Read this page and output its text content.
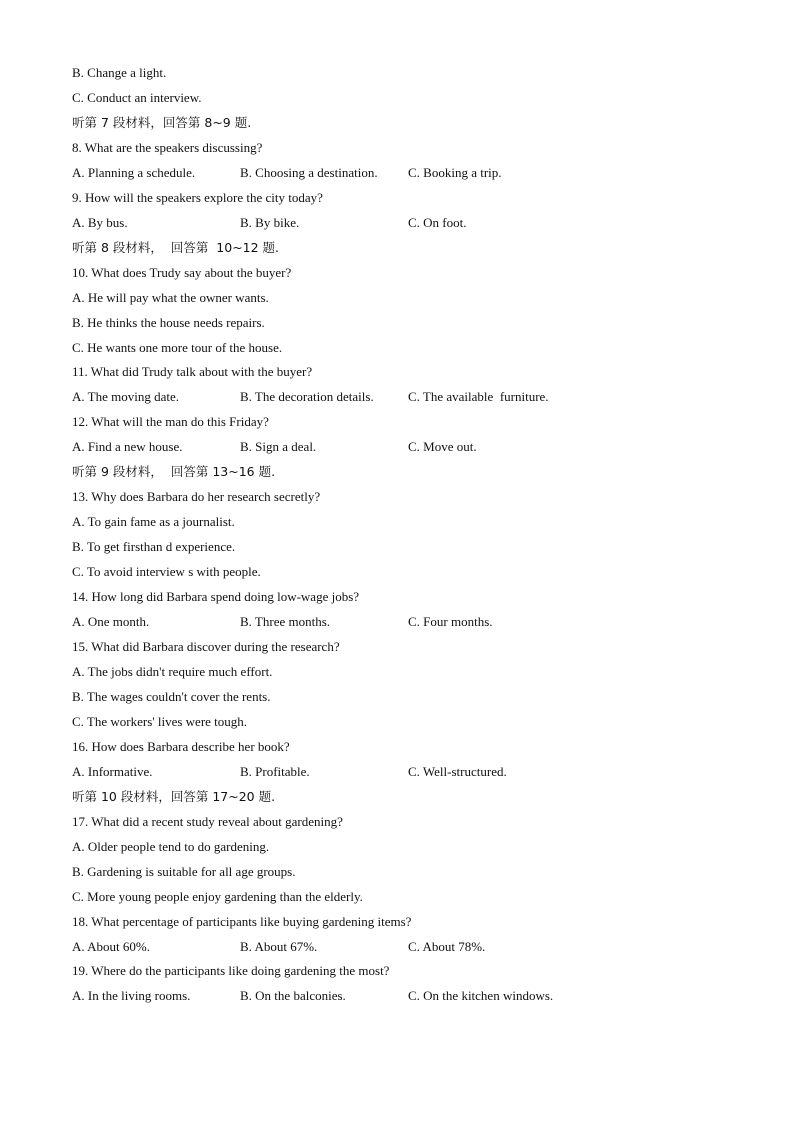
B. Change a light.
C. Conduct an interview.
听第 7 段材料，回答第 8~9 题.
8. What are the speakers discussing?
A. Planning a schedule.	B. Choosing a destination. C. Booking a trip.
9. How will the speakers explore the city today?
A. By bus.	B. By bike.	C. On foot.
听第 8 段材料，  回答第  10~12 题.
10. What does Trudy say about the buyer?
A. He will pay what the owner wants.
B. He thinks the house needs repairs.
C. He wants one more tour of the house.
11. What did Trudy talk about with the buyer?
A. The moving date.	B. The decoration details.	C. The available  furniture.
12. What will the man do this Friday?
A. Find a new house.	B. Sign a deal.	C. Move out.
听第 9 段材料，  回答第 13~16 题.
13. Why does Barbara do her research secretly?
A. To gain fame as a journalist.
B. To get firsthan d experience.
C. To avoid interview s with people.
14. How long did Barbara spend doing low-wage jobs?
A. One month.	B. Three months.	C. Four months.
15. What did Barbara discover during the research?
A. The jobs didn't require much effort.
B. The wages couldn't cover the rents.
C. The workers' lives were tough.
16. How does Barbara describe her book?
A. Informative.	B. Profitable.	C. Well-structured.
听第 10 段材料，回答第 17~20 题.
17. What did a recent study reveal about gardening?
A. Older people tend to do gardening.
B. Gardening is suitable for all age groups.
C. More young people enjoy gardening than the elderly.
18. What percentage of participants like buying gardening items?
A. About 60%.	B. About 67%.	C. About 78%.
19. Where do the participants like doing gardening the most?
A. In the living rooms.	B. On the balconies.	C. On the kitchen windows.
